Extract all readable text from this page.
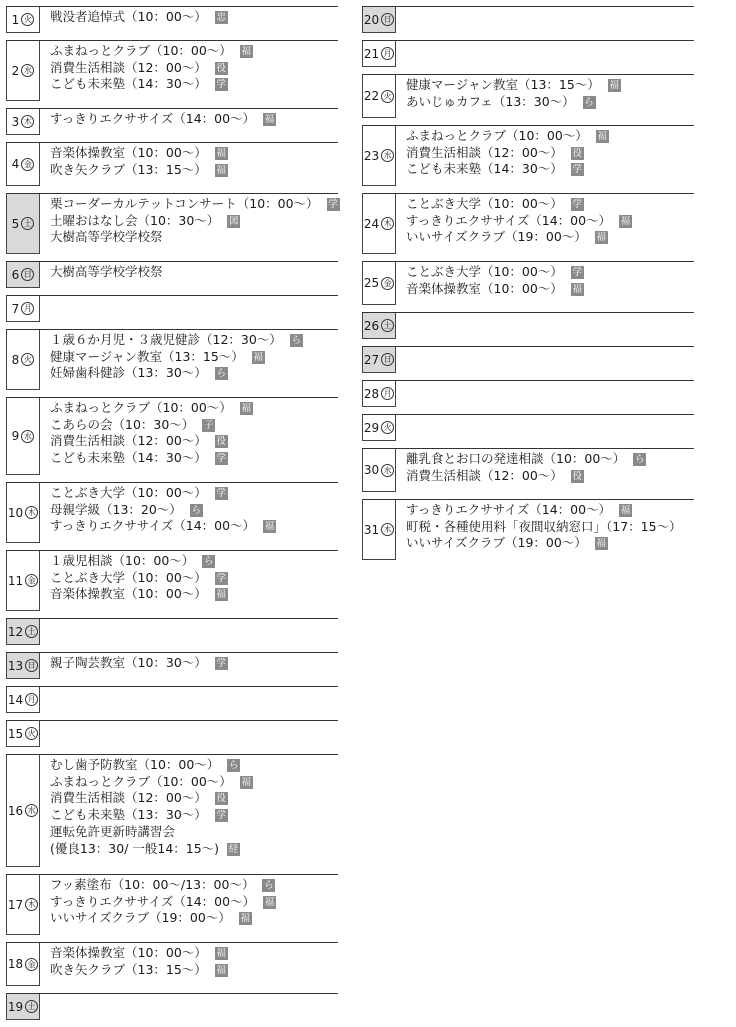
1 火 戦没者追悼式（10：00～） 忠
2 水
ふまねっとクラブ（10：00～） 福
消費生活相談（12：00～） 役
こども未来塾（14：30～） 学
3 木 すっきりエクササイズ（14：00～） 福
4 金
音楽体操教室（10：00～） 福
吹き矢クラブ（13：15～） 福
5 土
栗コーダーカルテットコンサート（10：00～） 学
土曜おはなし会（10：30～） 図
大樹高等学校学校祭
6 日 大樹高等学校学校祭
7 月
8 火
１歳６か月児・３歳児健診（12：30～） ら
健康マージャン教室（13：15～） 福
妊婦歯科健診（13：30～） ら
9 水
ふまねっとクラブ（10：00～） 福
こあらの会（10：30～） 子
消費生活相談（12：00～） 役
こども未来塾（14：30～） 学
10 木
ことぶき大学（10：00～） 学
母親学級（13：20～） ら
すっきりエクササイズ（14：00～） 福
11 金
１歳児相談（10：00～） ら
ことぶき大学（10：00～） 学
音楽体操教室（10：00～） 福
12 土
13 日 親子陶芸教室（10：30～） 学
14 月
15 火
16 水
むし歯予防教室（10：00～） ら
ふまねっとクラブ（10：00～） 福
消費生活相談（12：00～） 役
こども未来塾（13：30～） 学
運転免許更新時講習会
(優良13：30/ 一般14：15～) 経
17 木
フッ素塗布（10：00～/13：00～） ら
すっきりエクササイズ（14：00～） 福
いいサイズクラブ（19：00～） 福
18 金
音楽体操教室（10：00～） 福
吹き矢クラブ（13：15～） 福
19 土
20 日
21 月
22 火
健康マージャン教室（13：15～） 福
あいじゅカフェ（13：30～） ら
23 水
ふまねっとクラブ（10：00～） 福
消費生活相談（12：00～） 役
こども未来塾（14：30～） 学
24 木
ことぶき大学（10：00～） 学
すっきりエクササイズ（14：00～） 福
いいサイズクラブ（19：00～） 福
25 金
ことぶき大学（10：00～） 学
音楽体操教室（10：00～） 福
26 土
27 日
28 月
29 火
30 水
離乳食とお口の発達相談（10：00～） ら
消費生活相談（12：00～） 役
31 木
すっきりエクササイズ（14：00～） 福
町税・各種使用料「夜間収納窓口」（17：15～）
いいサイズクラブ（19：00～） 福
